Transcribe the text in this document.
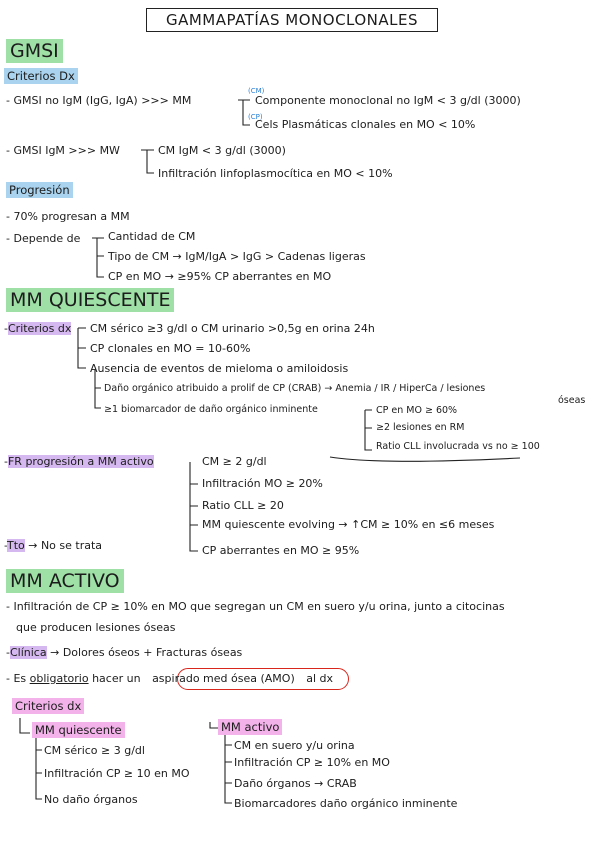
GAMMAPATÍAS MONOCLONALES
GMSI
Criterios Dx
- GMSI no IgM (IgG, IgA) >>> MM
(CM)
Componente monoclonal no IgM < 3 g/dl (3000)
(CP)
Cels Plasmáticas clonales en MO < 10%
- GMSI IgM >>> MW	CM IgM < 3 g/dl (3000)
Infiltración linfoplasmocítica en MO < 10%
Progresión
- 70% progresan a MM
- Depende de	Cantidad de CM
Tipo de CM → IgM/IgA > IgG > Cadenas ligeras
CP en MO → ≥95% CP aberrantes en MO
MM QUIESCENTE
-Criterios dx CM sérico ≥3 g/dl o CM urinario >0,5g en orina 24h
CP clonales en MO = 10-60%
Ausencia de eventos de mieloma o amiloidosis
Daño orgánico atribuido a prolif de CP (CRAB) → Anemia / IR / HiperCa / lesiones
óseas
≥1 biomarcador de daño orgánico inminente	CP en MO ≥ 60%
≥2 lesiones en RM
Ratio CLL involucrada vs no ≥ 100
-FR progresión a MM activo	CM ≥ 2 g/dl
Infiltración MO ≥ 20%
Ratio CLL ≥ 20
MM quiescente evolving → ↑CM ≥ 10% en ≤6 meses
CP aberrantes en MO ≥ 95%
-Tto → No se trata
MM ACTIVO
- Infiltración de CP ≥ 10% en MO que segregan un CM en suero y/u orina, junto a citocinas
que producen lesiones óseas
-Clínica → Dolores óseos + Fracturas óseas
- Es obligatorio hacer un aspirado med ósea (AMO) al dx
Criterios dx
MM quiescente
CM sérico ≥ 3 g/dl
Infiltración CP ≥ 10 en MO
No daño órganos
MM activo
CM en suero y/u orina
Infiltración CP ≥ 10% en MO
Daño órganos → CRAB
Biomarcadores daño orgánico inminente
